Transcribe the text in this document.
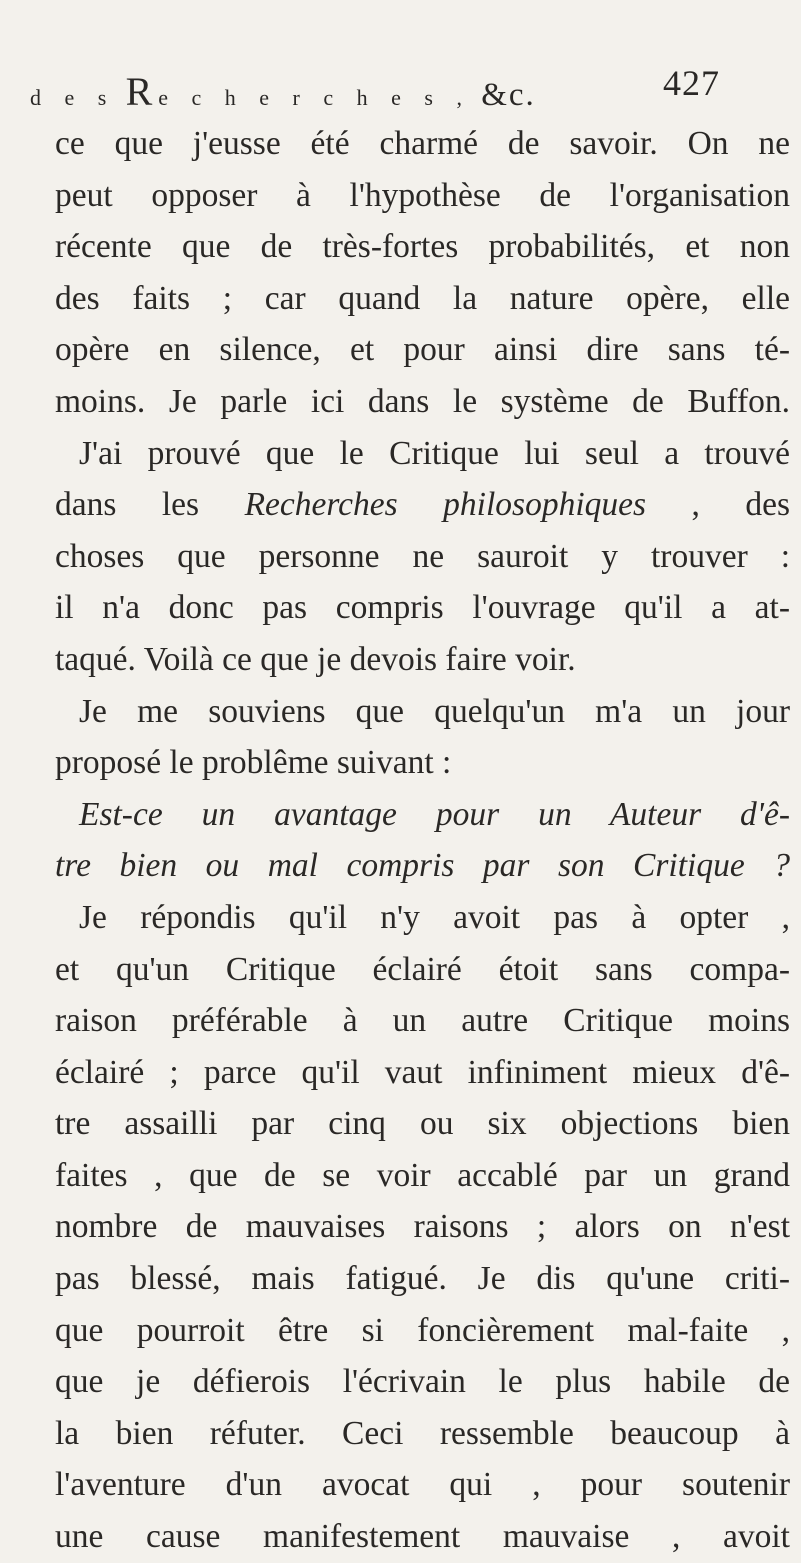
d e s Re c h e r c h e s , &c.	427
ce que j'eusse été charmé de savoir. On ne
peut opposer à l'hypothèse de l'organisation
récente que de très-fortes probabilités, et non
des faits ; car quand la nature opère, elle
opère en silence, et pour ainsi dire sans té-
moins. Je parle ici dans le système de Buffon.
J'ai prouvé que le Critique lui seul a trouvé
dans les Recherches philosophiques , des
choses que personne ne sauroit y trouver :
il n'a donc pas compris l'ouvrage qu'il a at-
taqué. Voilà ce que je devois faire voir.
Je me souviens que quelqu'un m'a un jour
proposé le problême suivant :
Est-ce un avantage pour un Auteur d'ê-
tre bien ou mal compris par son Critique ?
Je répondis qu'il n'y avoit pas à opter ,
et qu'un Critique éclairé étoit sans compa-
raison préférable à un autre Critique moins
éclairé ; parce qu'il vaut infiniment mieux d'ê-
tre assailli par cinq ou six objections bien
faites , que de se voir accablé par un grand
nombre de mauvaises raisons ; alors on n'est
pas blessé, mais fatigué. Je dis qu'une criti-
que pourroit être si foncièrement mal-faite ,
que je défierois l'écrivain le plus habile de
la bien réfuter. Ceci ressemble beaucoup à
l'aventure d'un avocat qui , pour soutenir
une cause manifestement mauvaise , avoit
